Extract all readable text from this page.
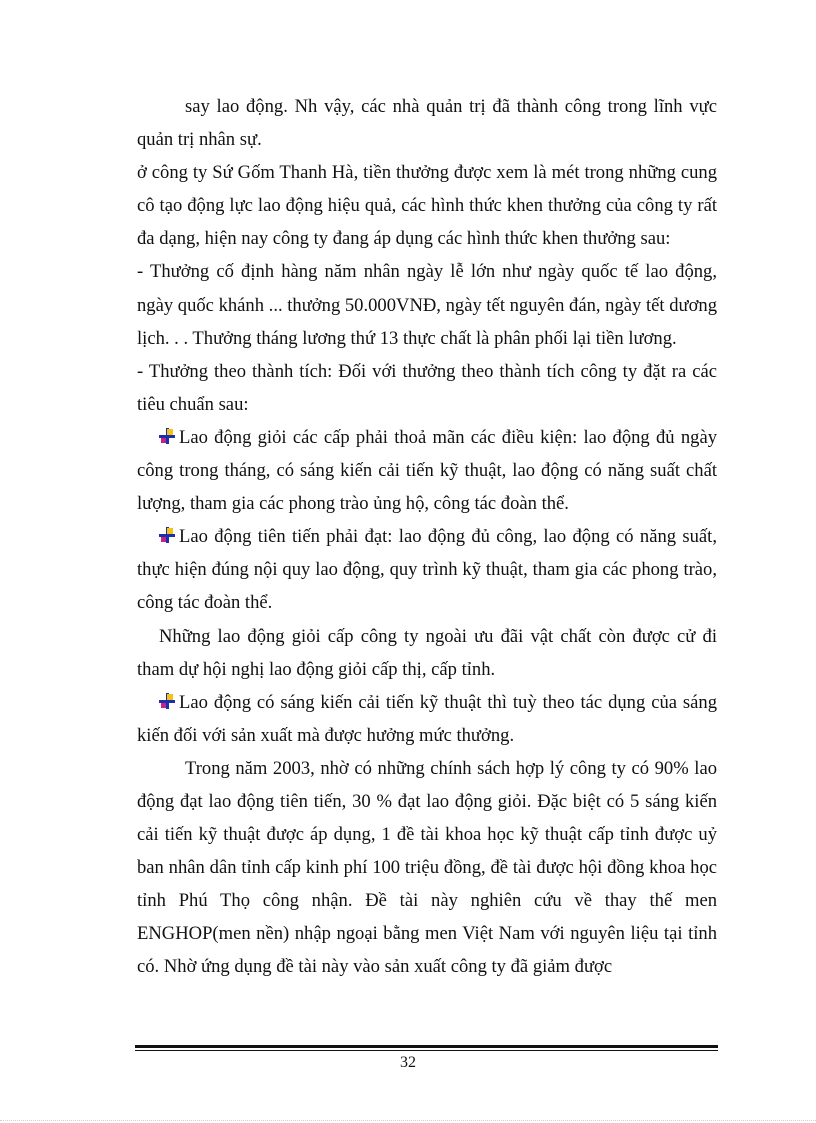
say lao động. Nh vậy, các nhà quản trị đã thành công trong lĩnh vực quản trị nhân sự.

ở công ty Sứ Gốm Thanh Hà, tiền thưởng được xem là mét trong những cung cô tạo động lực lao động hiệu quả, các hình thức khen thưởng của công ty rất đa dạng, hiện nay công ty đang áp dụng các hình thức khen thưởng sau:

- Thưởng cố định hàng năm nhân ngày lễ lớn như ngày quốc tế lao động, ngày quốc khánh ... thưởng 50.000VNĐ, ngày tết nguyên đán, ngày tết dương lịch. . . Thưởng tháng lương thứ 13 thực chất là phân phối lại tiền lương.

- Thưởng theo thành tích: Đối với thưởng theo thành tích công ty đặt ra các tiêu chuẩn sau:

Lao động giỏi các cấp phải thoả mãn các điều kiện: lao động đủ ngày công trong tháng, có sáng kiến cải tiến kỹ thuật, lao động có năng suất chất lượng, tham gia các phong trào ủng hộ, công tác đoàn thể.

Lao động tiên tiến phải đạt: lao động đủ công, lao động có năng suất, thực hiện đúng nội quy lao động, quy trình kỹ thuật, tham gia các phong trào, công tác đoàn thể.

Những lao động giỏi cấp công ty ngoài ưu đãi vật chất còn được cử đi tham dự hội nghị lao động giỏi cấp thị, cấp tỉnh.

Lao động có sáng kiến cải tiến kỹ thuật thì tuỳ theo tác dụng của sáng kiến đối với sản xuất mà được hưởng mức thưởng.

Trong năm 2003, nhờ có những chính sách hợp lý công ty có 90% lao động đạt lao động tiên tiến, 30 % đạt lao động giỏi. Đặc biệt có 5 sáng kiến cải tiến kỹ thuật được áp dụng, 1 đề tài khoa học kỹ thuật cấp tỉnh được uỷ ban nhân dân tỉnh cấp kinh phí 100 triệu đồng, đề tài được hội đồng khoa học tỉnh Phú Thọ công nhận. Đề tài này nghiên cứu về thay thế men ENGHOP(men nền) nhập ngoại bằng men Việt Nam với nguyên liệu tại tỉnh có. Nhờ ứng dụng đề tài này vào sản xuất công ty đã giảm được

32
